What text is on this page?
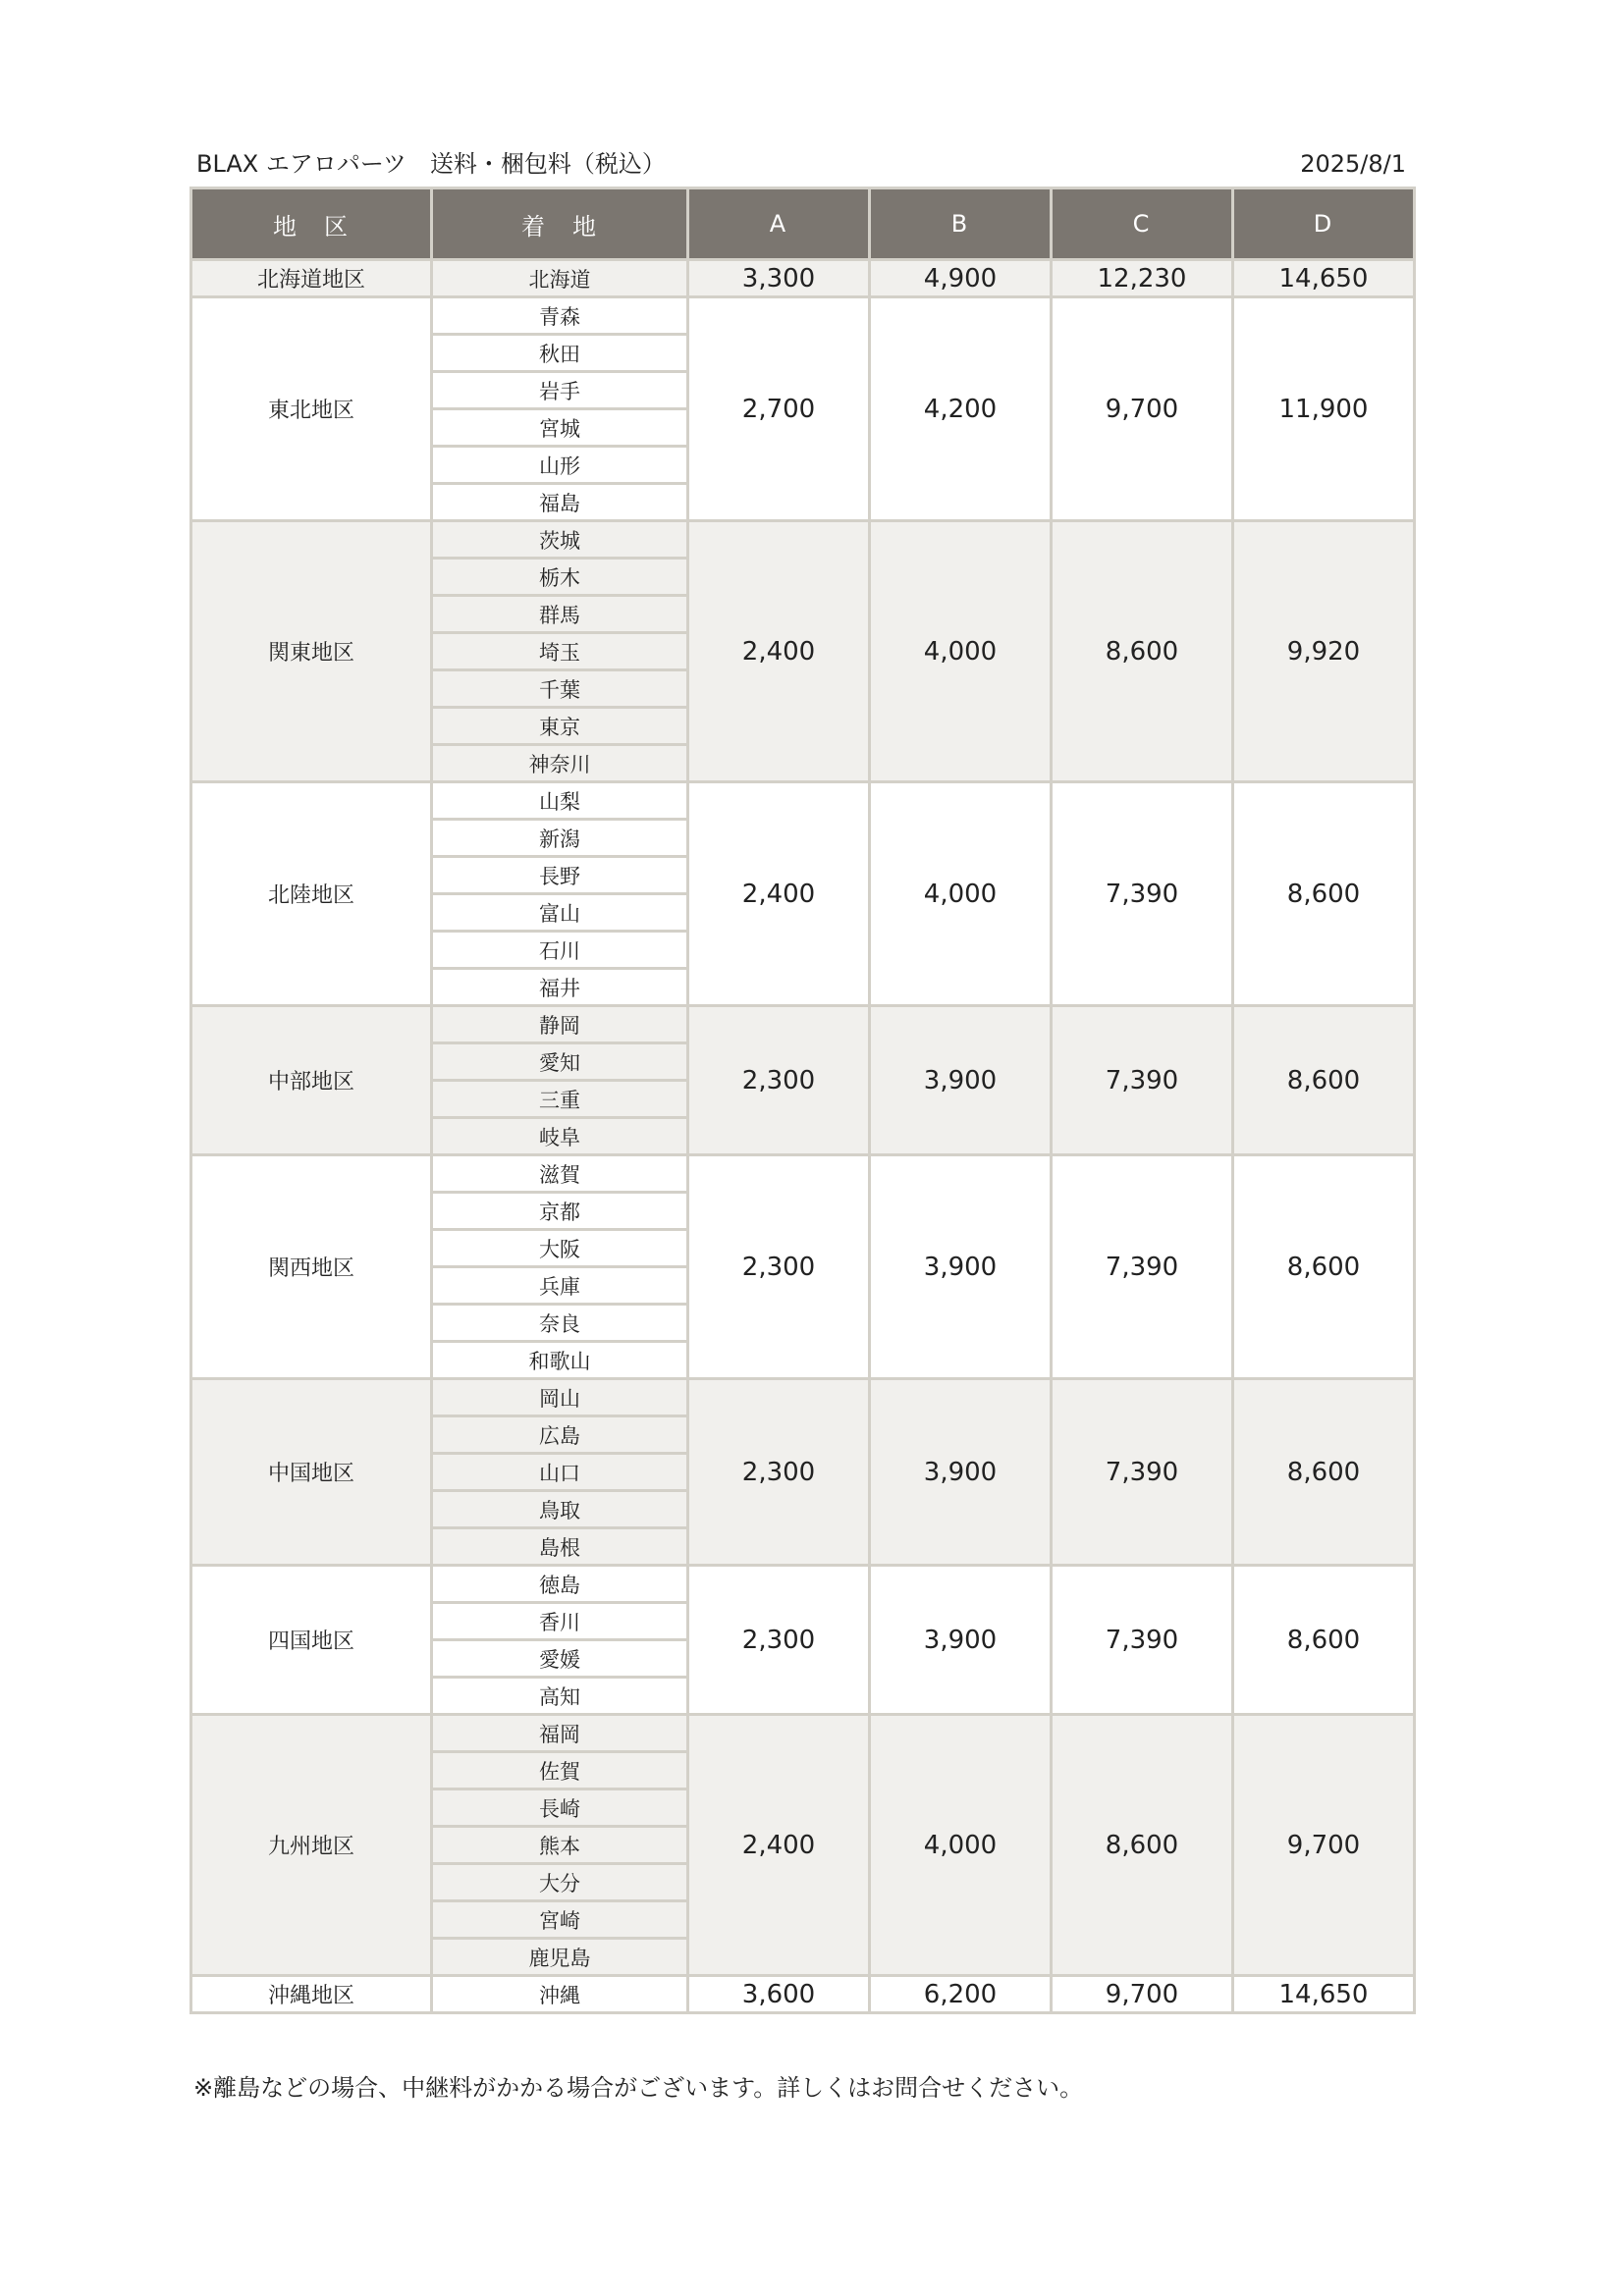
BLAX エアロパーツ　送料・梱包料（税込）	2025/8/1
地　区	着　地	A	B	C	D
北海道地区	北海道	3,300	4,900	12,230	14,650
東北地区	青森	2,700	4,200	9,700	11,900
	秋田				
	岩手				
	宮城				
	山形				
	福島				
関東地区	茨城	2,400	4,000	8,600	9,920
	栃木				
	群馬				
	埼玉				
	千葉				
	東京				
	神奈川				
北陸地区	山梨	2,400	4,000	7,390	8,600
	新潟				
	長野				
	富山				
	石川				
	福井				
中部地区	静岡	2,300	3,900	7,390	8,600
	愛知				
	三重				
	岐阜				
関西地区	滋賀	2,300	3,900	7,390	8,600
	京都				
	大阪				
	兵庫				
	奈良				
	和歌山				
中国地区	岡山	2,300	3,900	7,390	8,600
	広島				
	山口				
	鳥取				
	島根				
四国地区	徳島	2,300	3,900	7,390	8,600
	香川				
	愛媛				
	高知				
九州地区	福岡	2,400	4,000	8,600	9,700
	佐賀				
	長崎				
	熊本				
	大分				
	宮崎				
	鹿児島				
沖縄地区	沖縄	3,600	6,200	9,700	14,650
※離島などの場合、中継料がかかる場合がございます。詳しくはお問合せください。
